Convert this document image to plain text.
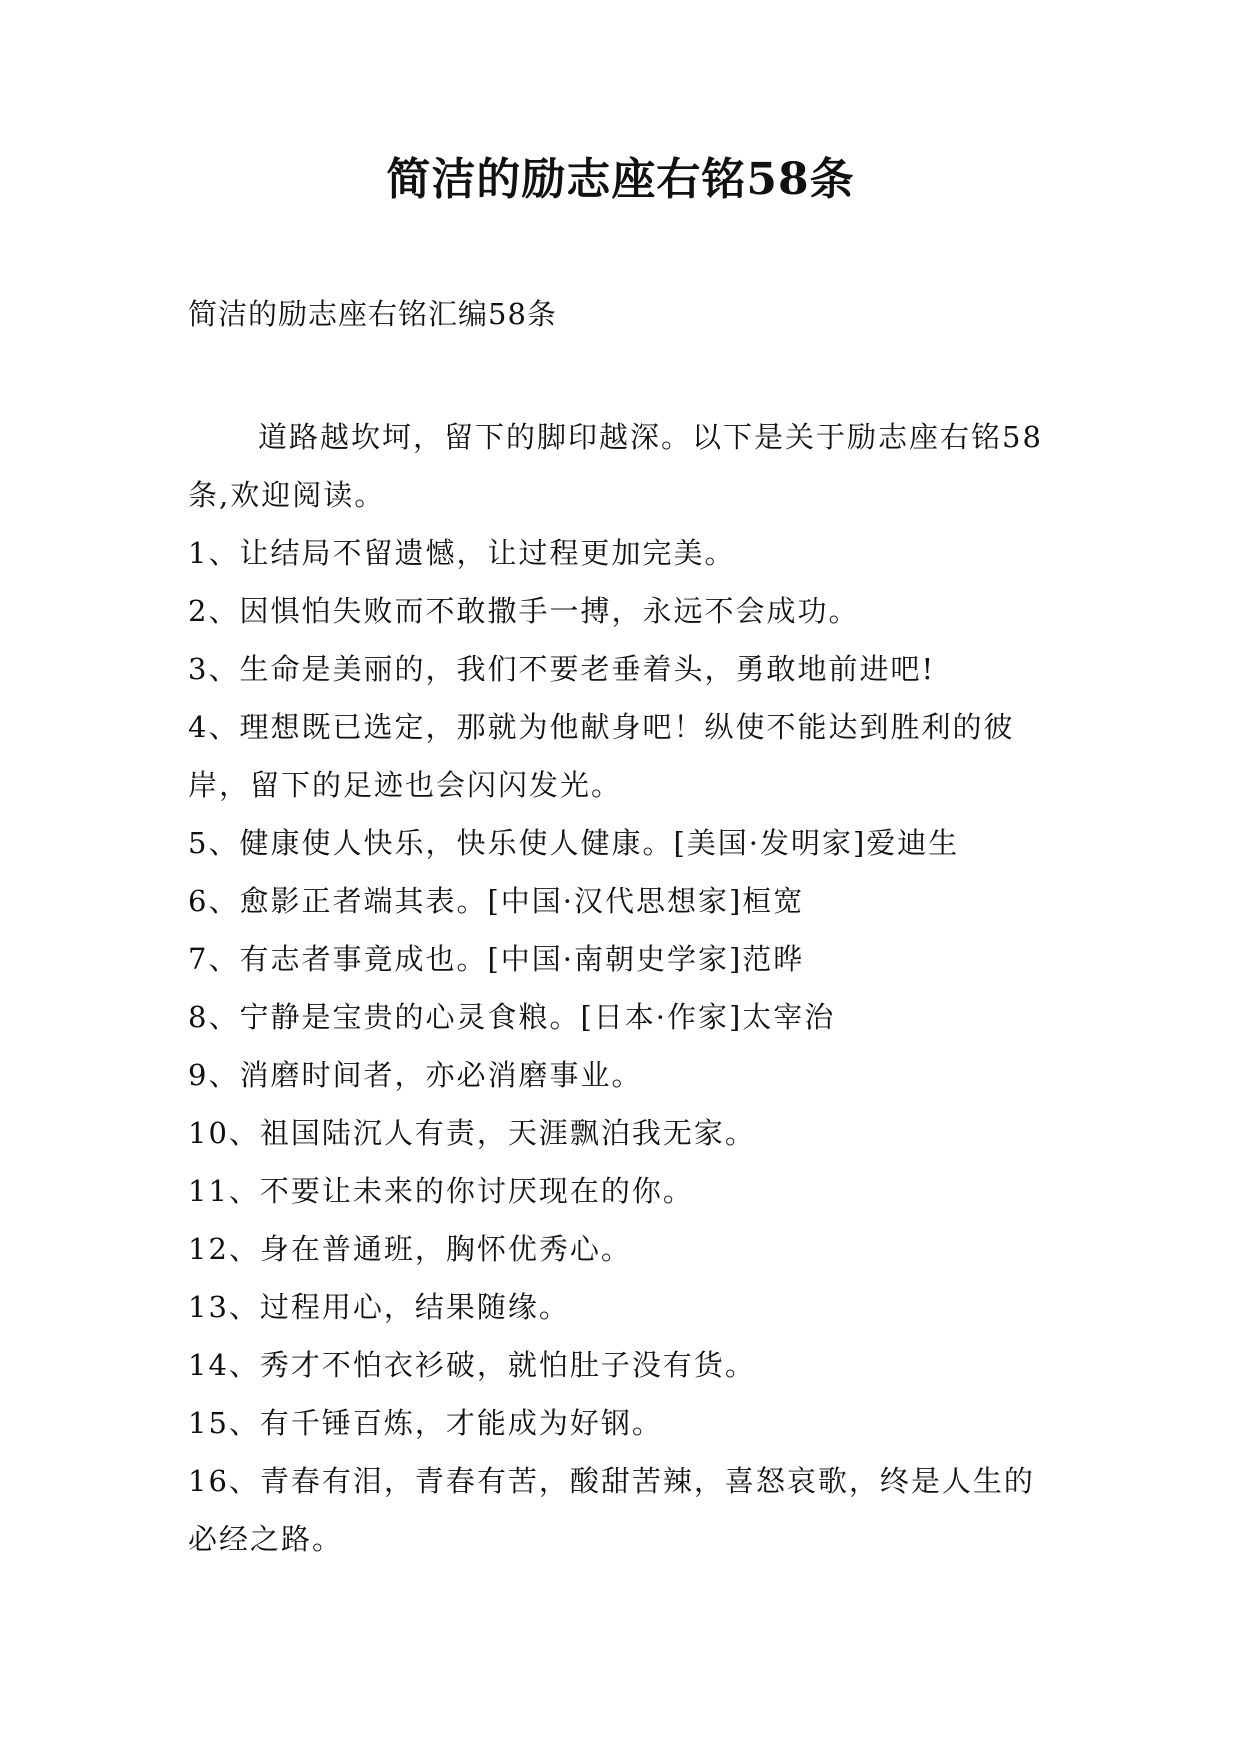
简洁的励志座右铭58条
简洁的励志座右铭汇编58条

道路越坎坷，留下的脚印越深。以下是关于励志座右铭58条,欢迎阅读。

1、让结局不留遗憾，让过程更加完美。

2、因惧怕失败而不敢撒手一搏，永远不会成功。

3、生命是美丽的，我们不要老垂着头，勇敢地前进吧!

4、理想既已选定，那就为他献身吧！纵使不能达到胜利的彼岸，留下的足迹也会闪闪发光。

5、健康使人快乐，快乐使人健康。[美国·发明家]爱迪生

6、愈影正者端其表。[中国·汉代思想家]桓宽

7、有志者事竟成也。[中国·南朝史学家]范晔

8、宁静是宝贵的心灵食粮。[日本·作家]太宰治

9、消磨时间者，亦必消磨事业。

10、祖国陆沉人有责，天涯飘泊我无家。

11、不要让未来的你讨厌现在的你。

12、身在普通班，胸怀优秀心。

13、过程用心，结果随缘。

14、秀才不怕衣衫破，就怕肚子没有货。

15、有千锤百炼，才能成为好钢。

16、青春有泪，青春有苦，酸甜苦辣，喜怒哀歌，终是人生的必经之路。
